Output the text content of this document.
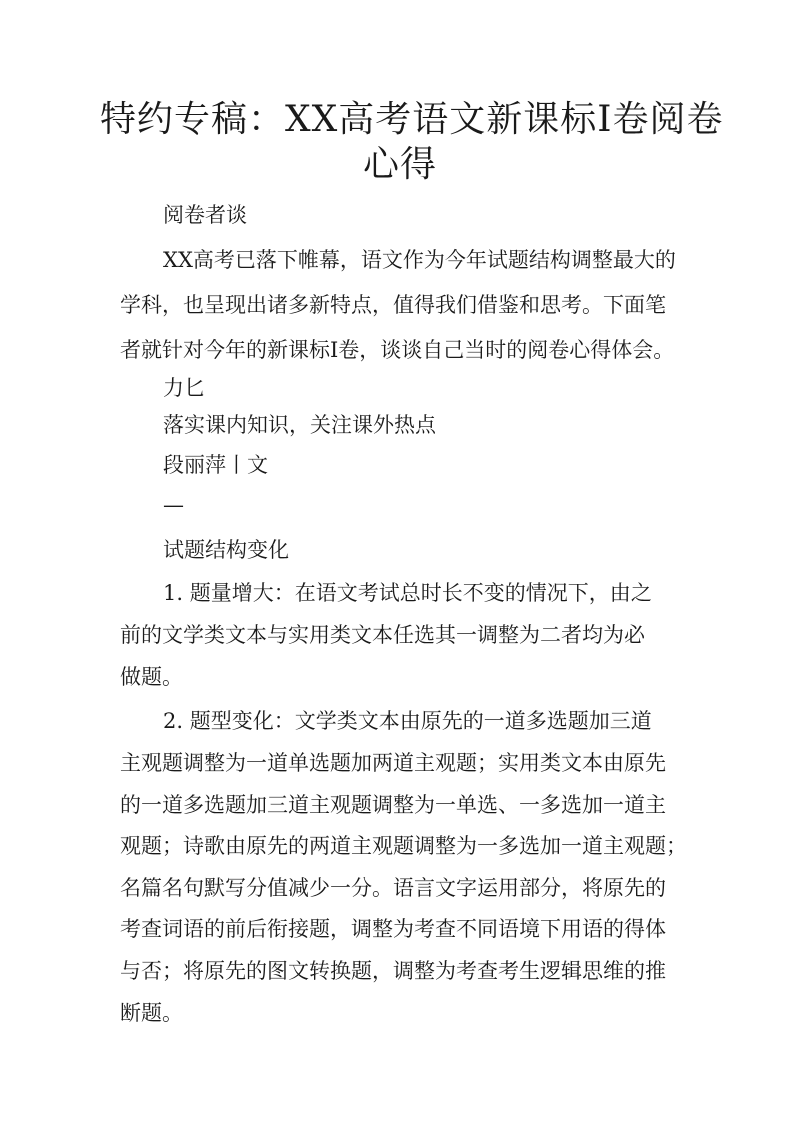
特约专稿：XX高考语文新课标Ⅰ卷阅卷
心得

阅卷者谈

XX高考已落下帷幕，语文作为今年试题结构调整最大的

学科，也呈现出诸多新特点，值得我们借鉴和思考。下面笔

者就针对今年的新课标Ⅰ卷，谈谈自己当时的阅卷心得体会。

力匕

落实课内知识，关注课外热点

段丽萍丨文

—

试题结构变化

1. 题量增大：在语文考试总时长不变的情况下，由之

前的文学类文本与实用类文本任选其一调整为二者均为必

做题。

2. 题型变化：文学类文本由原先的一道多选题加三道

主观题调整为一道单选题加两道主观题；实用类文本由原先

的一道多选题加三道主观题调整为一单选、一多选加一道主

观题；诗歌由原先的两道主观题调整为一多选加一道主观题；

名篇名句默写分值减少一分。语言文字运用部分，将原先的

考查词语的前后衔接题，调整为考查不同语境下用语的得体

与否；将原先的图文转换题，调整为考查考生逻辑思维的推

断题。
